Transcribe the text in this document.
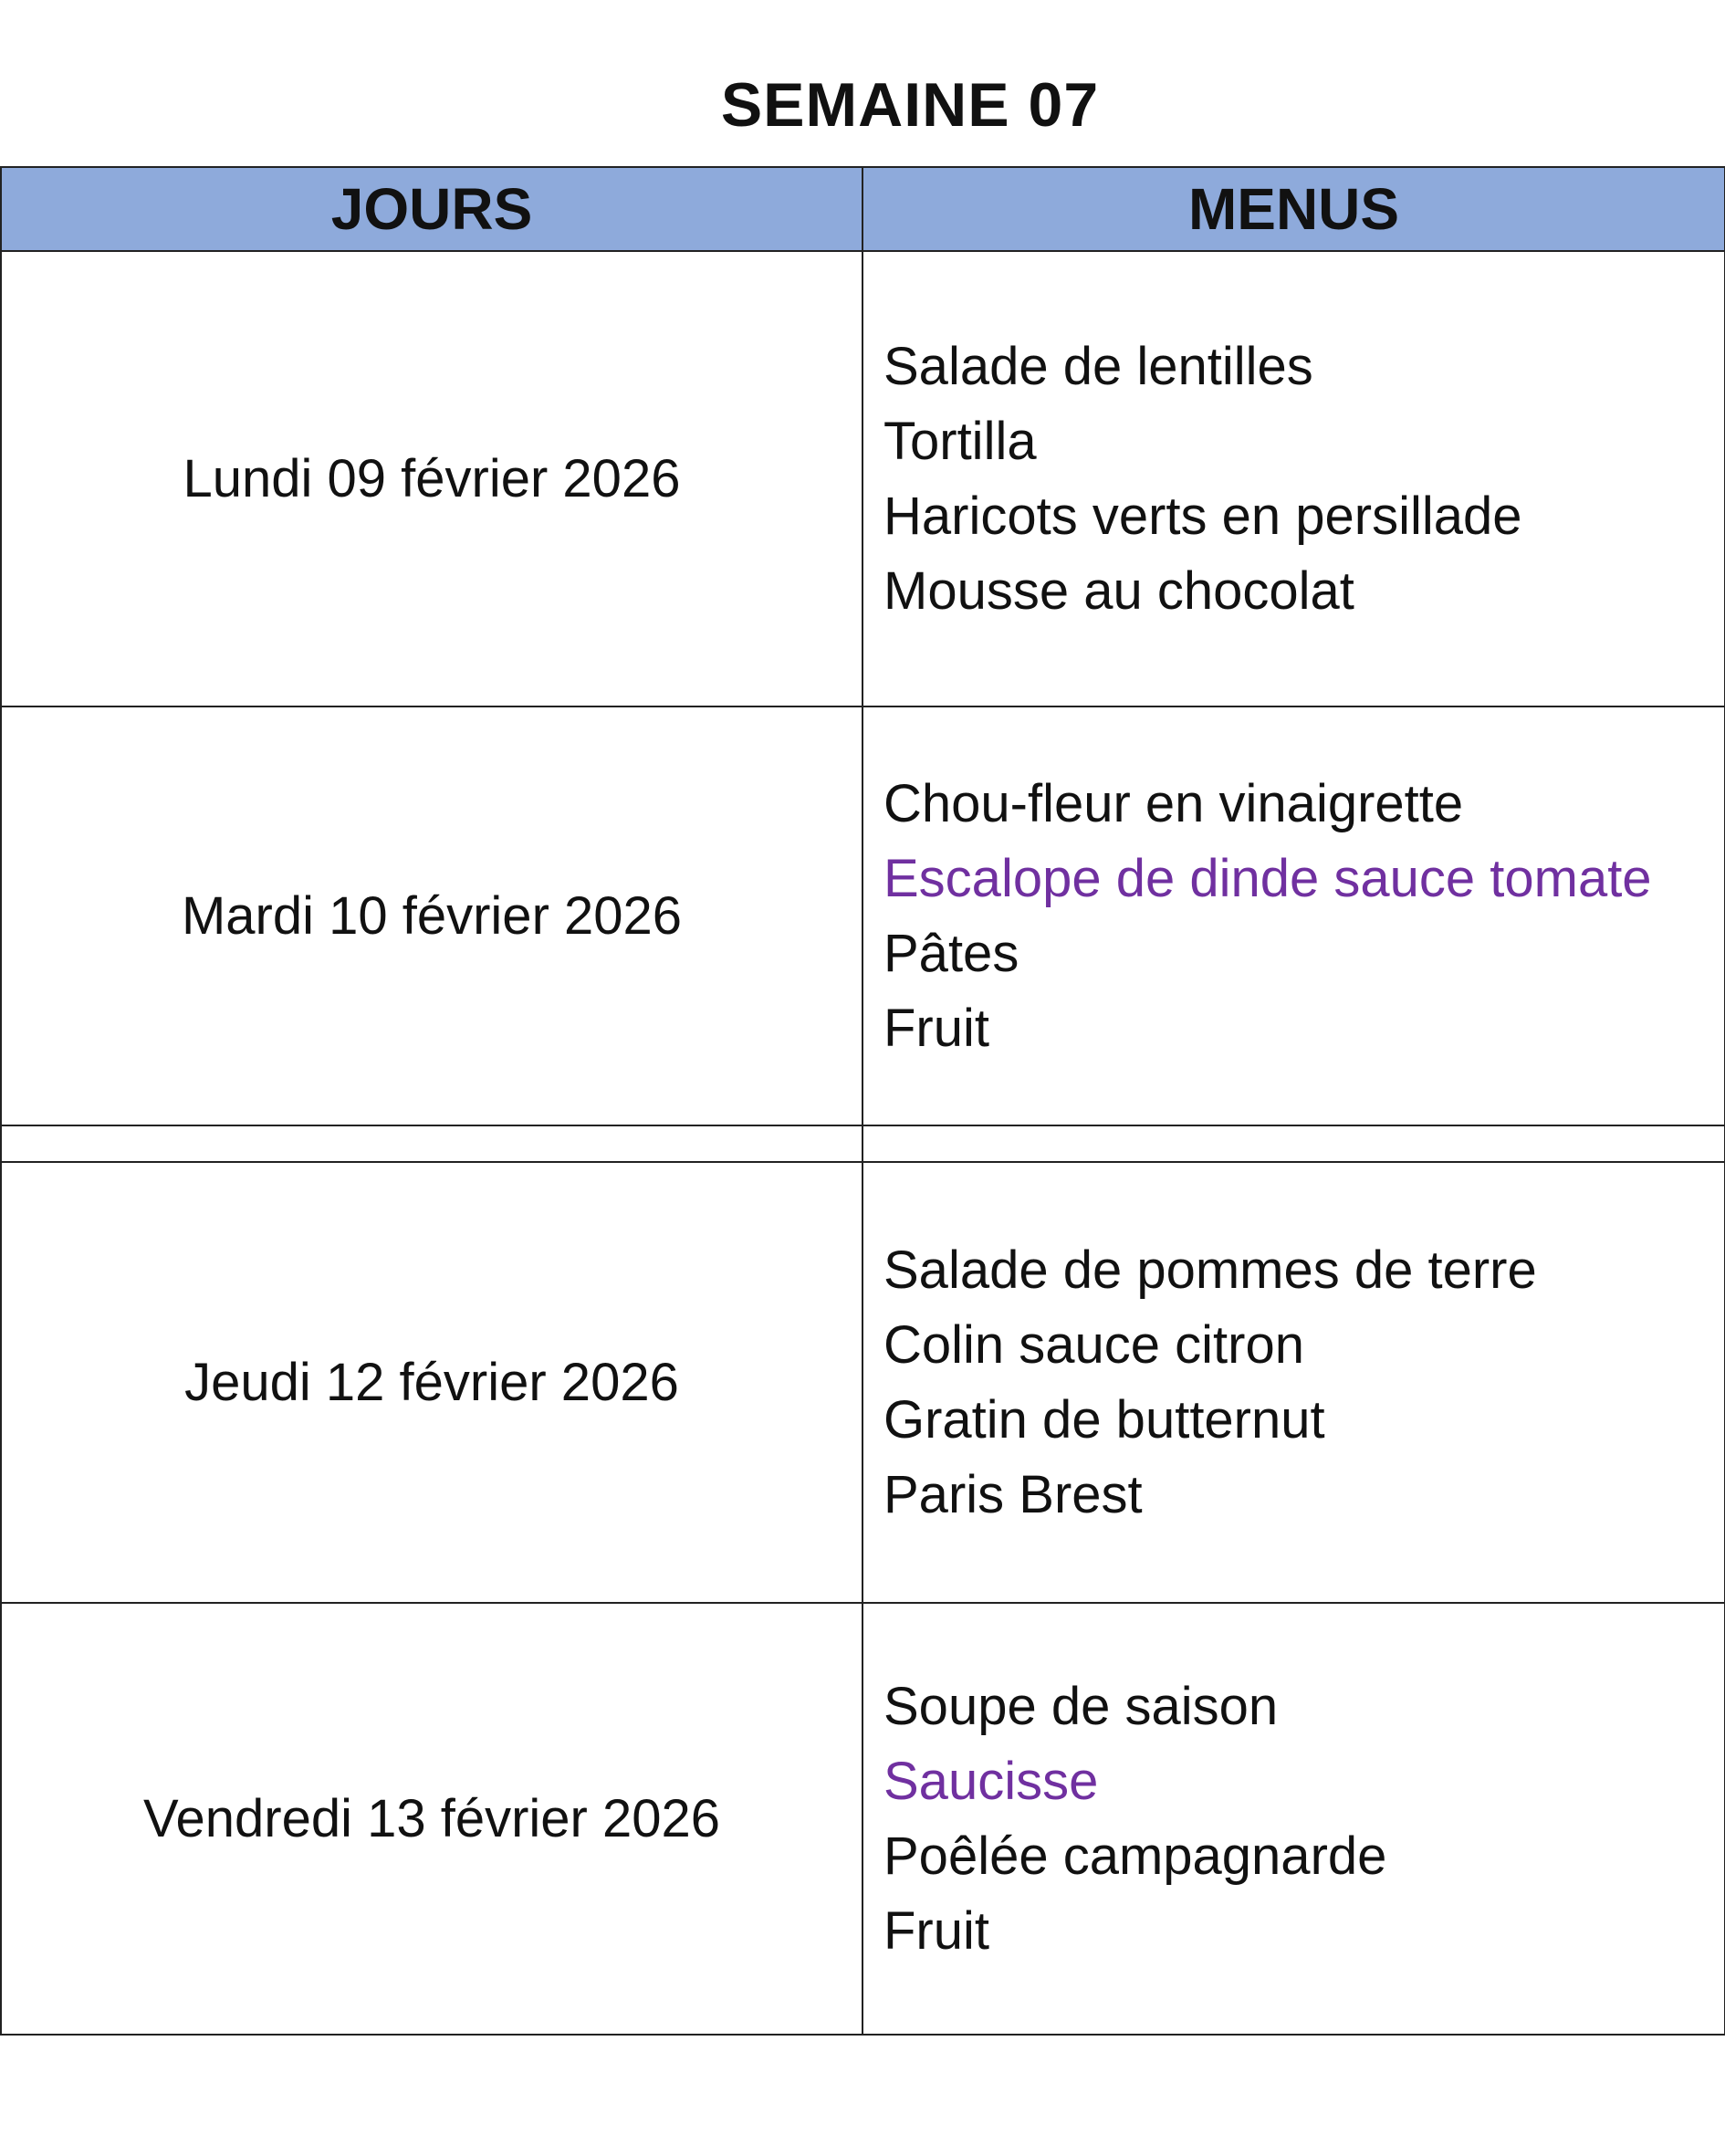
SEMAINE 07
JOURS	MENUS
Lundi 09 février 2026	Salade de lentilles
Tortilla
Haricots verts en persillade
Mousse au chocolat

Mardi 10 février 2026	Chou-fleur en vinaigrette
Escalope de dinde sauce tomate
Pâtes
Fruit

Jeudi 12 février 2026	Salade de pommes de terre
Colin sauce citron
Gratin de butternut
Paris Brest

Vendredi 13 février 2026	Soupe de saison
Saucisse
Poêlée campagnarde
Fruit
